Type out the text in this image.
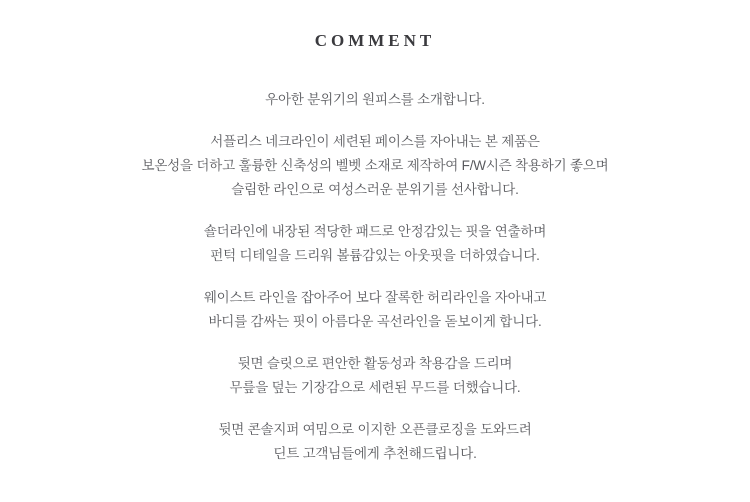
COMMENT

우아한 분위기의 원피스를 소개합니다.

서플리스 네크라인이 세련된 페이스를 자아내는 본 제품은
보온성을 더하고 훌륭한 신축성의 벨벳 소재로 제작하여 F/W시즌 착용하기 좋으며
슬림한 라인으로 여성스러운 분위기를 선사합니다.

숄더라인에 내장된 적당한 패드로 안정감있는 핏을 연출하며
펀턱 디테일을 드리워 볼륨감있는 아웃핏을 더하였습니다.

웨이스트 라인을 잡아주어 보다 잘록한 허리라인을 자아내고
바디를 감싸는 핏이 아름다운 곡선라인을 돋보이게 합니다.

뒷면 슬릿으로 편안한 활동성과 착용감을 드리며
무릎을 덮는 기장감으로 세련된 무드를 더했습니다.

뒷면 콘솔지퍼 여밈으로 이지한 오픈클로징을 도와드려
딘트 고객님들에게 추천해드립니다.
